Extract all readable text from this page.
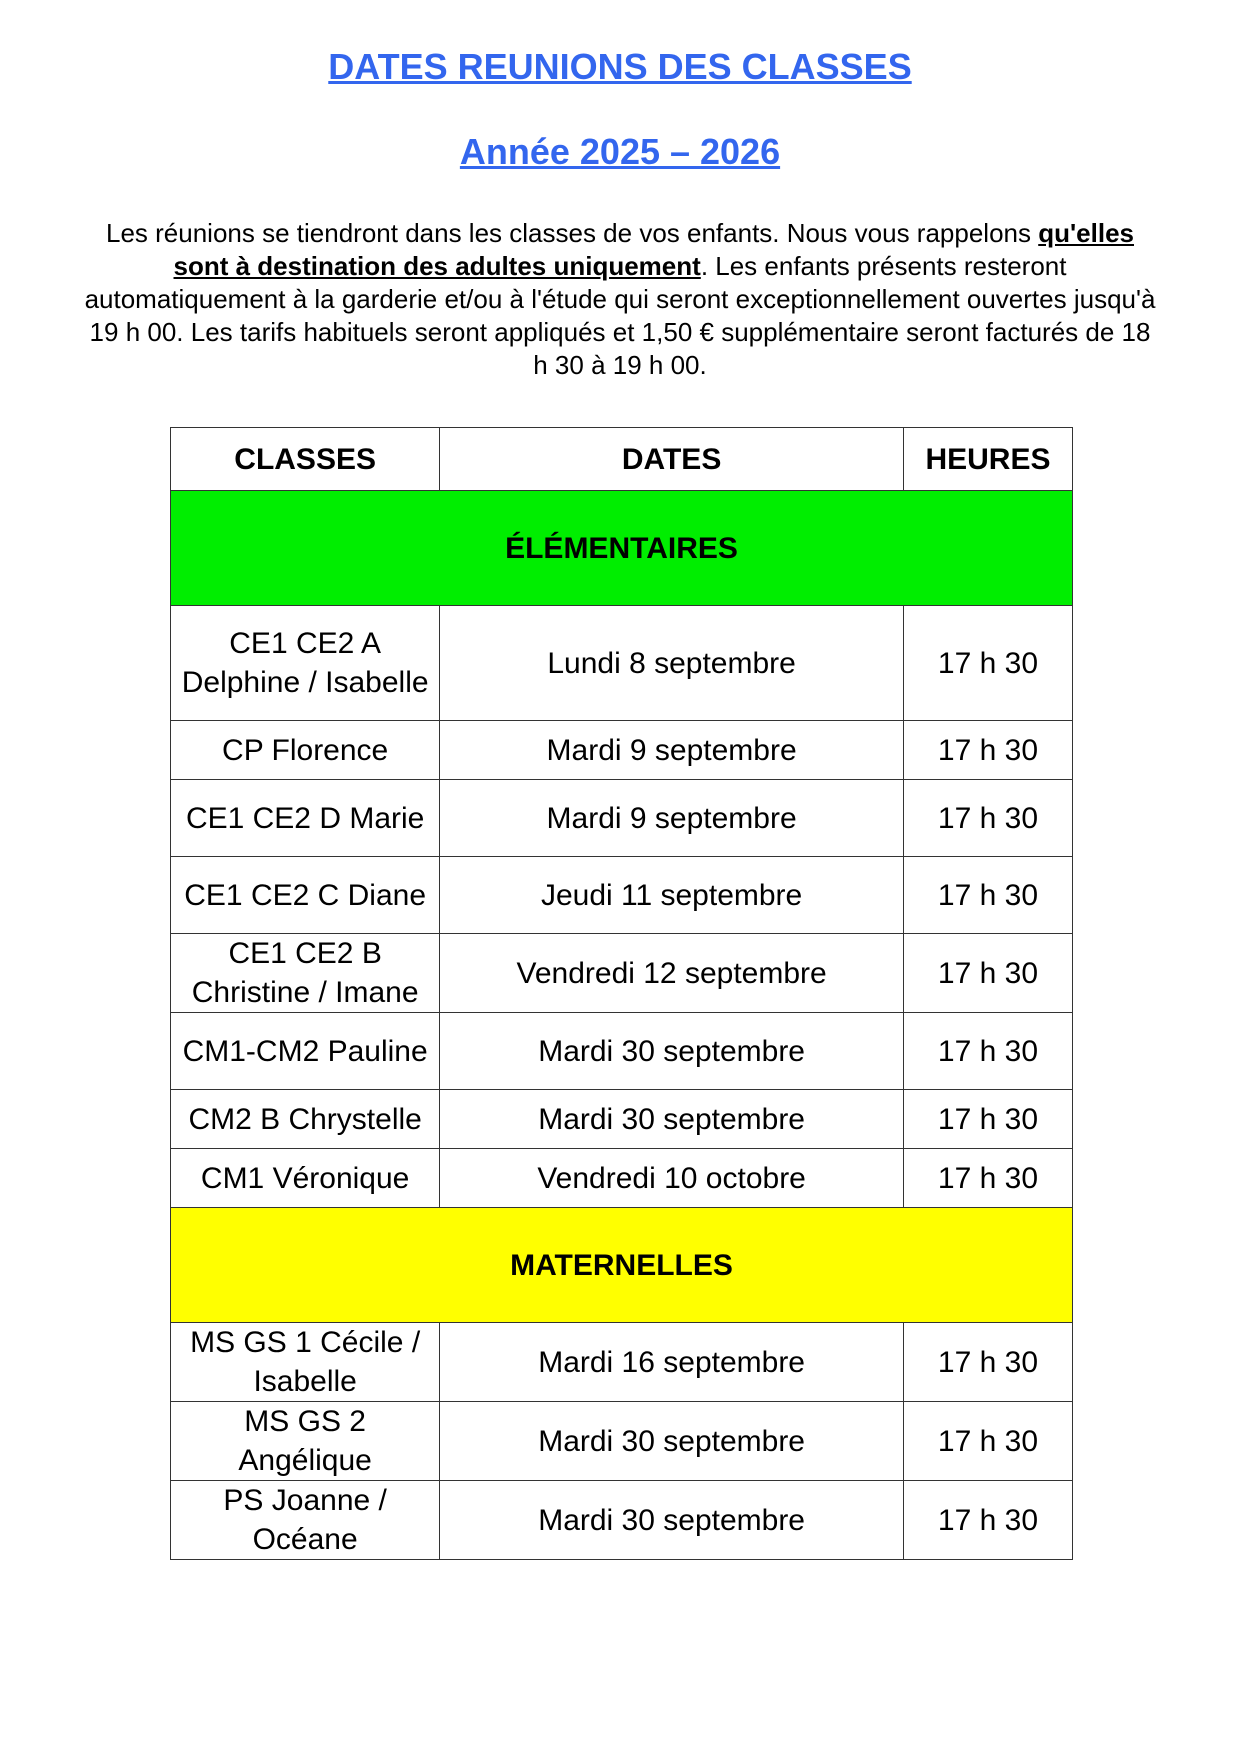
DATES REUNIONS DES CLASSES
Année 2025 – 2026
Les réunions se tiendront dans les classes de vos enfants. Nous vous rappelons qu'elles sont à destination des adultes uniquement. Les enfants présents resteront automatiquement à la garderie et/ou à l'étude qui seront exceptionnellement ouvertes jusqu'à 19 h 00. Les tarifs habituels seront appliqués et 1,50 € supplémentaire seront facturés de 18 h 30 à 19 h 00.
CLASSES	DATES	HEURES
ÉLÉMENTAIRES		
CE1 CE2 A Delphine / Isabelle	Lundi 8 septembre	17 h 30
CP Florence	Mardi 9 septembre	17 h 30
CE1 CE2 D Marie	Mardi 9 septembre	17 h 30
CE1 CE2 C Diane	Jeudi 11 septembre	17 h 30
CE1 CE2 B Christine / Imane	Vendredi 12 septembre	17 h 30
CM1-CM2 Pauline	Mardi 30 septembre	17 h 30
CM2 B Chrystelle	Mardi 30 septembre	17 h 30
CM1 Véronique	Vendredi 10 octobre	17 h 30
MATERNELLES		
MS GS 1 Cécile / Isabelle	Mardi 16 septembre	17 h 30
MS GS 2 Angélique	Mardi 30 septembre	17 h 30
PS Joanne / Océane	Mardi 30 septembre	17 h 30
